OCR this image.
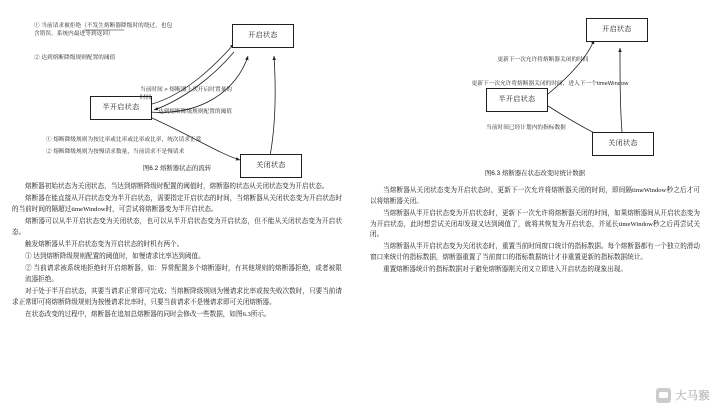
开启状态
半开启状态
关闭状态
① 当前请求被拒绝（不发生熔断器降级时的绕过，也包含错误、系统内最进等到返回）
② 达到熔断降级规则配置的阈值
当前时间 > 熔断器上次开启时置量的时间
达到熔断降级规则配置的阈值
① 熔断降级规则为按比率或比率或比率或比率，统次请求正常
② 熔断降级规则为按慢请求数量，当前请求不是慢请求
图6.2 熔断器状态的流转

熔断器初始状态为关闭状态，当达到熔断降级时配置的阈值时，熔断器的状态从关闭状态变为开启状态。

熔断器在能直接从开启状态变为半开启状态，需要指定开启状态的时间，当熔断器从关闭状态变为开启状态时的当前时间的隔超过timeWindow时，可尝试将熔断器变为半开启状态。

熔断器可以从半开启状态变为关闭状态，也可以从半开启状态变为开启状态，但不能从关闭状态变为开启状态。

触发熔断器从半开启状态变为开启状态的时机有两个。

① 达到熔断降级规则配置的阈值时，如慢请求比率达到阈值。

② 当前请求被系统地拒绝时开启熔断器，如：异常配置多个熔断器时，有其他规则的熔断器拒绝，或者被限流器拒绝。

对于处于半开启状态，其要当请求正常即可完成；当熔断降级规则为慢请求比率或按失败次数时，只要当前请求正常即可将熔断降级规则为按慢请求比率时，只要当前请求不是慢请求即可关闭熔断器。

在状态改变的过程中，熔断器在追加总熔断器的同时会修改一些数据，如图6.3所示。

开启状态
半开启状态
关闭状态
更新下一次允许将熔断器关闭的时间
更新下一次允许将熔断器关闭的时间，进入下一个timeWindow
当前时间已经计划内的指标数据
图6.3 熔断器在状态改变时统计数据

当熔断器从关闭状态变为开启状态时，更新下一次允许将熔断器关闭的时间，即间隔timeWindow秒之后才可以将熔断器关闭。

当熔断器从半开启状态变为开启状态时，更新下一次允许将熔断器关闭的时间，如果熔断器间从开启状态变为为开启状态，此时想尝试关闭却发现又达到阈值了，就将其恢复为开启状态，并延长timeWindow秒之后再尝试关闭。

当熔断器从半开启状态变为关闭状态时，重置当前时间窗口统计的指标数据。每个熔断器都有一个独立的滑动窗口来统计的指标数据，熔断器重置了当前窗口的指标数据统计才非重置更新的指标数据统计。

重置熔断器统计的指标数据对于避免熔断器刚关闭又立即进入开启状态的现象出现。

大马猴
